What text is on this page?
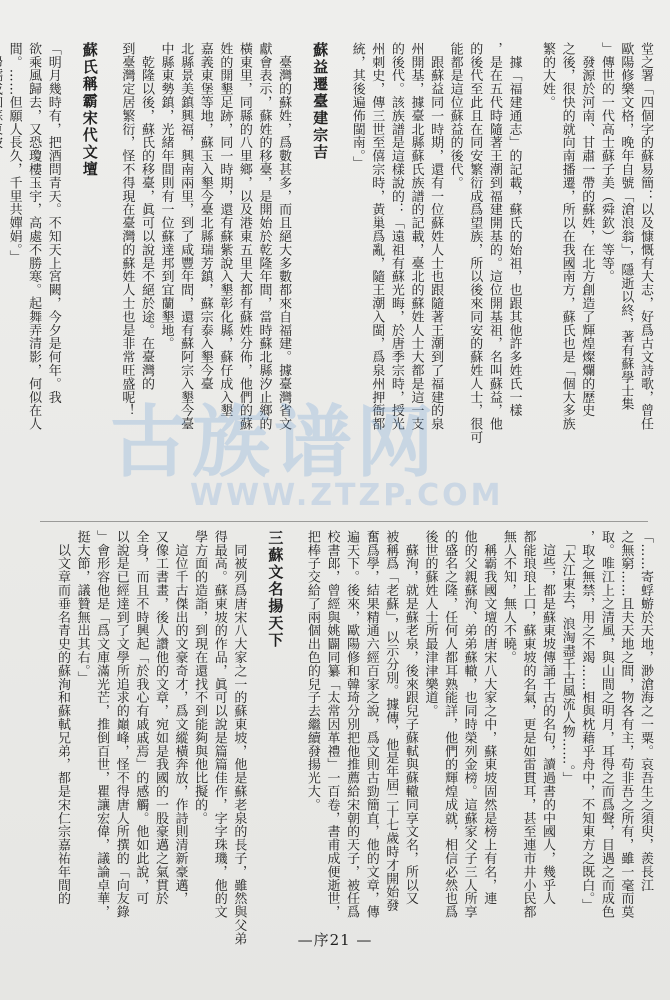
堂之署「四個字的蘇易簡：以及慷慨有大志，好爲古文詩歌，曾任
歐陽修樂文格，晚年自號「滄浪翁」，隱逝以終，著有蘇學士集
」傳世的一代高士蘇子美（舜欽）等等。
　發源於河南、甘肅一帶的蘇姓，在北方創造了輝煌燦爛的歷史
之後，很快的就向南播遷，所以在我國南方，蘇氏也是「個大多族
繁的大姓。
　據「福建通志」的記載，蘇氏的始祖，也跟其他許多姓氏一樣
，是在五代時隨著王潮到福建開基的。這位開基祖，名叫蘇益，他
的後代至此且在同安繁衍成爲望族，所以後來同安的蘇姓人士，很可
能都是這位蘇益的後代。
　跟蘇益同一時期，還有一位蘇姓人士也跟隨著王潮到了福建的泉
州開基，據臺北縣蘇氏族譜的記載，臺北的蘇姓人士大都是這一支
的後代。該族譜是這樣說的：「遠祖有蘇光晦，於唐季宗時，授光
州刺史，傳三世至僖宗時，黃巢爲亂，隨王潮入閩，爲泉州押衙都
統，其後遍佈閩南。」
蘇益遷臺建宗吉
　臺灣的蘇姓，爲數甚多，而且絕大多數都來自福建。據臺灣省文
獻會表示，蘇姓的移臺，是開始於乾隆年間，當時蘇北縣汐止鄉的
橫東里，同縣的八里鄉，以及港東五里大都有蘇姓分佈，他們的蘇
姓的開墾足跡，同一時期，還有蘇紫說入墾彰化縣，蘇仔成入墾
嘉義東堡等地，蘇玉入墾今臺北縣瑞芳鎮，蘇宗泰入墾今臺
北縣景美鎮興福，興南兩里，到了咸豐年間，還有蘇阿宗入墾今臺
中縣東勢鎮，光緒年間則有一位蘇達邦到宜蘭墾地。
　乾隆以後，蘇氏的移臺，眞可以說是不絕於途。在臺灣的
到臺灣定居繁衍，怪不得現在臺灣的蘇姓人士也是非常旺盛呢！
蘇氏稱霸宋代文壇
「明月幾時有，把酒問青天。不知天上宮闕，今夕是何年。我
欲乘風歸去，又恐瓊樓玉宇，高處不勝寒。起舞弄清影，何似在人
間。……但願人長久，千里共嬋娟。」
「……寄蜉蝣於天地，渺滄海之一粟。哀吾生之須臾，羨長江
之無窮……且夫天地之間，物各有主，苟非吾之所有，雖一毫而莫
取。唯江上之清風，與山間之明月，耳得之而爲聲，目遇之而成色
，取之無禁，用之不竭……相與枕藉乎舟中，不知東方之既白。」
　「大江東去，浪淘盡千古風流人物……。」
　這些，都是蘇東坡傳誦千古的名句，讀過書的中國人，幾乎人
都能琅琅上口，蘇東坡的名氣，更是如雷貫耳，甚至連市井小民都
無人不知，無人不曉。
　稱霸我國文壇的唐宋八大家之中，蘇東坡固然是榜上有名，連
他的父親蘇洵、弟弟蘇轍，也同時榮列金榜。這蘇家父子三人所享
的盛名之隆，任何人都耳熟能詳，他們的輝煌成就，相信必然也爲
後世的蘇姓人士所最津津樂道。
　蘇洵，就是蘇老泉，後來跟兒子蘇軾與蘇轍同享文名，所以又
被稱爲「老蘇」，以示分別。據傳，他是年屆二十七歲時才開始發
奮爲學，結果精通六經百家之說，爲文則古勁簡直，他的文章，傳
遍天下。後來，歐陽修和韓琦分別把他推薦給宋朝的天子，被任爲
校書郎，曾經與姚闢同纂「太常因革禮」一百卷，書甫成便逝世，
把棒子交給了兩個出色的兒子去繼續發揚光大。
三蘇文名揚天下
　同被列爲唐宋八大家之一的蘇東坡，他是蘇老泉的長子，雖然與父弟
得最高。蘇東坡的作品，眞可以說是篇篇佳作，字字珠璣，他的文
學方面的造詣，到現在還找不到能夠與他比擬的。
　這位千古傑出的文豪奇才，爲文縱橫奔放，作詩則清新豪邁，
又像工書畫，後人讚他的文章，宛如是我國的一股豪邁之氣貫於
全身，而且不時興起「於我心有戚戚焉」的感觸。他如此說，可
以說是已經達到了文學所追求的巔峰，怪不得唐人所撰的「向友錄
」會形容他是「爲文庫滿光芒，推倒百世，瞿讓宏偉，議論卓華，
挺大節，議贊無出其右。」
　以文章而垂名青史的蘇洵和蘇軾兄弟，都是宋仁宗嘉祐年間的
—序21 —
古族谱网
WWW.ZTZP.COM
